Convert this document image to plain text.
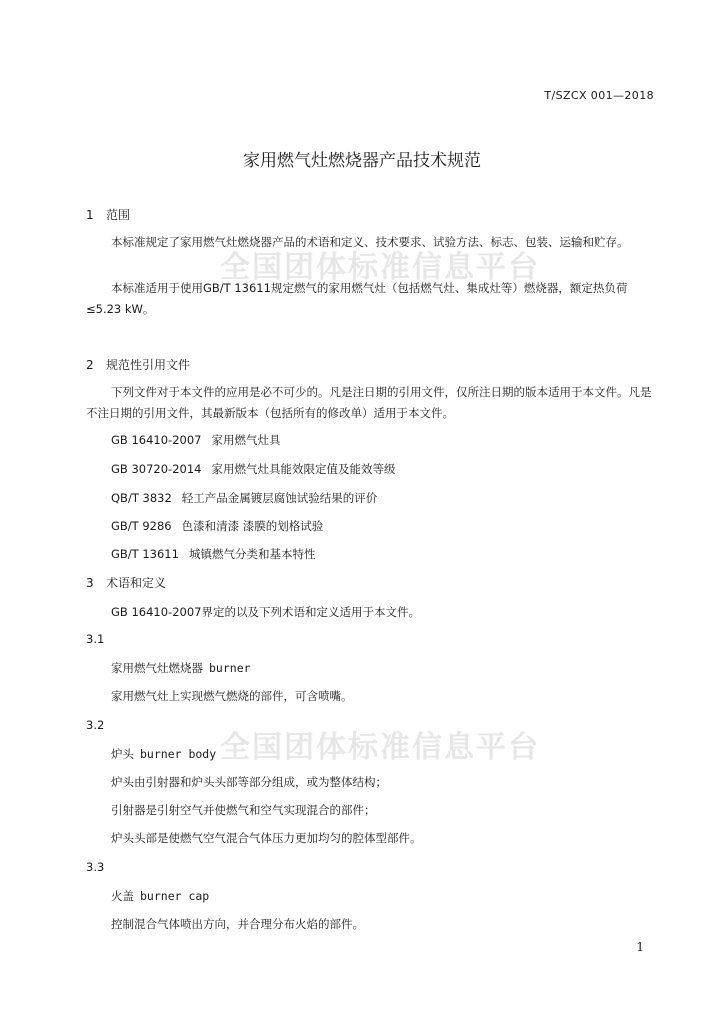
全国团体标准信息平台
全国团体标准信息平台
T/SZCX 001—2018
家用燃气灶燃烧器产品技术规范
1 范围
本标准规定了家用燃气灶燃烧器产品的术语和定义、技术要求、试验方法、标志、包装、运输和贮存。
本标准适用于使用GB/T 13611规定燃气的家用燃气灶（包括燃气灶、集成灶等）燃烧器，额定热负荷≤5.23 kW。
2 规范性引用文件
下列文件对于本文件的应用是必不可少的。凡是注日期的引用文件，仅所注日期的版本适用于本文件。凡是不注日期的引用文件，其最新版本（包括所有的修改单）适用于本文件。
GB 16410-2007 家用燃气灶具
GB 30720-2014 家用燃气灶具能效限定值及能效等级
QB/T 3832 轻工产品金属镀层腐蚀试验结果的评价
GB/T 9286 色漆和清漆 漆膜的划格试验
GB/T 13611 城镇燃气分类和基本特性
3 术语和定义
GB 16410-2007界定的以及下列术语和定义适用于本文件。
3.1
家用燃气灶燃烧器 burner
家用燃气灶上实现燃气燃烧的部件，可含喷嘴。
3.2
炉头 burner body
炉头由引射器和炉头头部等部分组成，或为整体结构；
引射器是引射空气并使燃气和空气实现混合的部件；
炉头头部是使燃气空气混合气体压力更加均匀的腔体型部件。
3.3
火盖 burner cap
控制混合气体喷出方向，并合理分布火焰的部件。
1
